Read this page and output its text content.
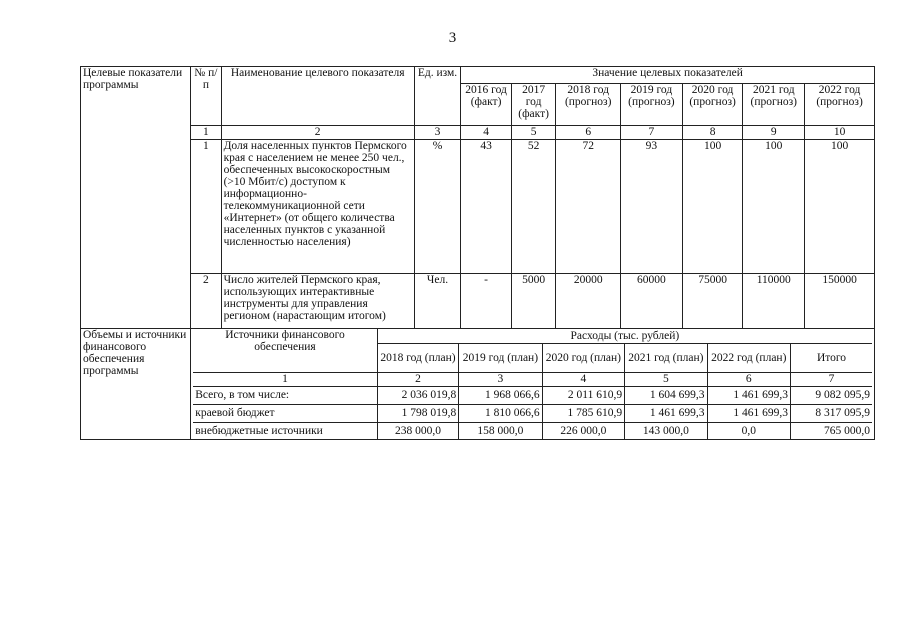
3
Целевые показатели программы	№ п/п	Наименование целевого показателя	Ед. изм.	Значение целевых показателей
2016 год (факт)	2017 год (факт)	2018 год (прогноз)	2019 год (прогноз)	2020 год (прогноз)	2021 год (прогноз)	2022 год (прогноз)
1	2	3	4	5	6	7	8	9	10
1	Доля населенных пунктов Пермского края с населением не менее 250 чел., обеспеченных высокоскоростным (>10 Мбит/с) доступом к информационно-телекоммуникационной сети «Интернет» (от общего количества населенных пунктов с указанной численностью населения)	%	43	52	72	93	100	100	100
2	Число жителей Пермского края, использующих интерактивные инструменты для управления регионом (нарастающим итогом)	Чел.	-	5000	20000	60000	75000	110000	150000
Объемы и источники финансового обеспечения программы	
Источники финансового обеспечения	Расходы (тыс. рублей)
2018 год (план)	2019 год (план)	2020 год (план)	2021 год (план)	2022 год (план)	Итого
1	2	3	4	5	6	7
Всего, в том числе:	2 036 019,8	1 968 066,6	2 011 610,9	1 604 699,3	1 461 699,3	9 082 095,9
краевой бюджет	1 798 019,8	1 810 066,6	1 785 610,9	1 461 699,3	1 461 699,3	8 317 095,9
внебюджетные источники	238 000,0	158 000,0	226 000,0	143 000,0	0,0	765 000,0
